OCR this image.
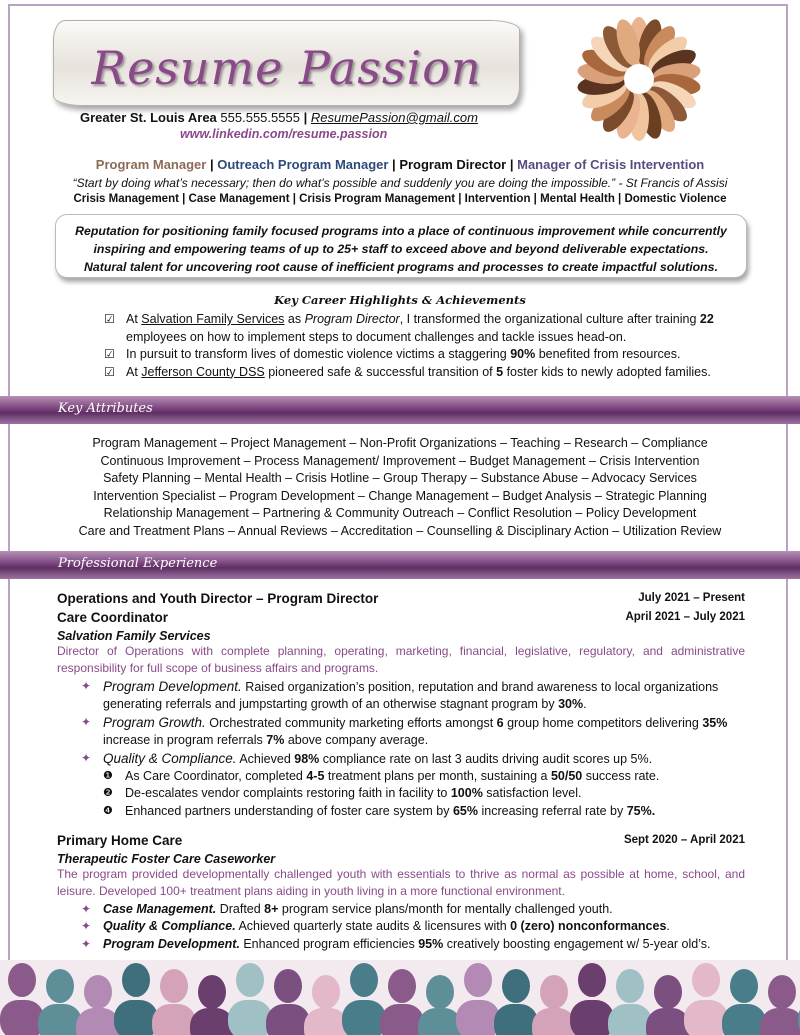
Resume Passion
Greater St. Louis Area 555.555.5555 | ResumePassion@gmail.com
www.linkedin.com/resume.passion
Program Manager | Outreach Program Manager | Program Director | Manager of Crisis Intervention
“Start by doing what’s necessary; then do what’s possible and suddenly you are doing the impossible.” - St Francis of Assisi
Crisis Management | Case Management | Crisis Program Management | Intervention | Mental Health | Domestic Violence

Reputation for positioning family focused programs into a place of continuous improvement while concurrently
inspiring and empowering teams of up to 25+ staff to exceed above and beyond deliverable expectations.
Natural talent for uncovering root cause of inefficient programs and processes to create impactful solutions.

Key Career Highlights & Achievements
☑ At Salvation Family Services as Program Director, I transformed the organizational culture after training 22 employees on how to implement steps to document challenges and tackle issues head-on.
☑ In pursuit to transform lives of domestic violence victims a staggering 90% benefited from resources.
☑ At Jefferson County DSS pioneered safe & successful transition of 5 foster kids to newly adopted families.
Key Attributes
Program Management – Project Management – Non-Profit Organizations – Teaching – Research – Compliance
Continuous Improvement – Process Management/ Improvement – Budget Management – Crisis Intervention
Safety Planning – Mental Health – Crisis Hotline – Group Therapy – Substance Abuse – Advocacy Services
Intervention Specialist – Program Development – Change Management – Budget Analysis – Strategic Planning
Relationship Management – Partnering & Community Outreach – Conflict Resolution – Policy Development
Care and Treatment Plans – Annual Reviews – Accreditation – Counselling & Disciplinary Action – Utilization Review
Professional Experience
Operations and Youth Director – Program Director	July 2021 – Present
Care Coordinator	April 2021 – July 2021
Salvation Family Services
Director of Operations with complete planning, operating, marketing, financial, legislative, regulatory, and administrative responsibility for full scope of business affairs and programs.
✦ Program Development. Raised organization’s position, reputation and brand awareness to local organizations generating referrals and jumpstarting growth of an otherwise stagnant program by 30%.
✦ Program Growth. Orchestrated community marketing efforts amongst 6 group home competitors delivering 35% increase in program referrals 7% above company average.
✦ Quality & Compliance. Achieved 98% compliance rate on last 3 audits driving audit scores up 5%.
❶ As Care Coordinator, completed 4-5 treatment plans per month, sustaining a 50/50 success rate.
❷ De-escalates vendor complaints restoring faith in facility to 100% satisfaction level.
❹ Enhanced partners understanding of foster care system by 65% increasing referral rate by 75%.
Primary Home Care	Sept 2020 – April 2021
Therapeutic Foster Care Caseworker
The program provided developmentally challenged youth with essentials to thrive as normal as possible at home, school, and leisure. Developed 100+ treatment plans aiding in youth living in a more functional environment.
✦ Case Management. Drafted 8+ program service plans/month for mentally challenged youth.
✦ Quality & Compliance. Achieved quarterly state audits & licensures with 0 (zero) nonconformances.
✦ Program Development. Enhanced program efficiencies 95% creatively boosting engagement w/ 5-year old’s.
